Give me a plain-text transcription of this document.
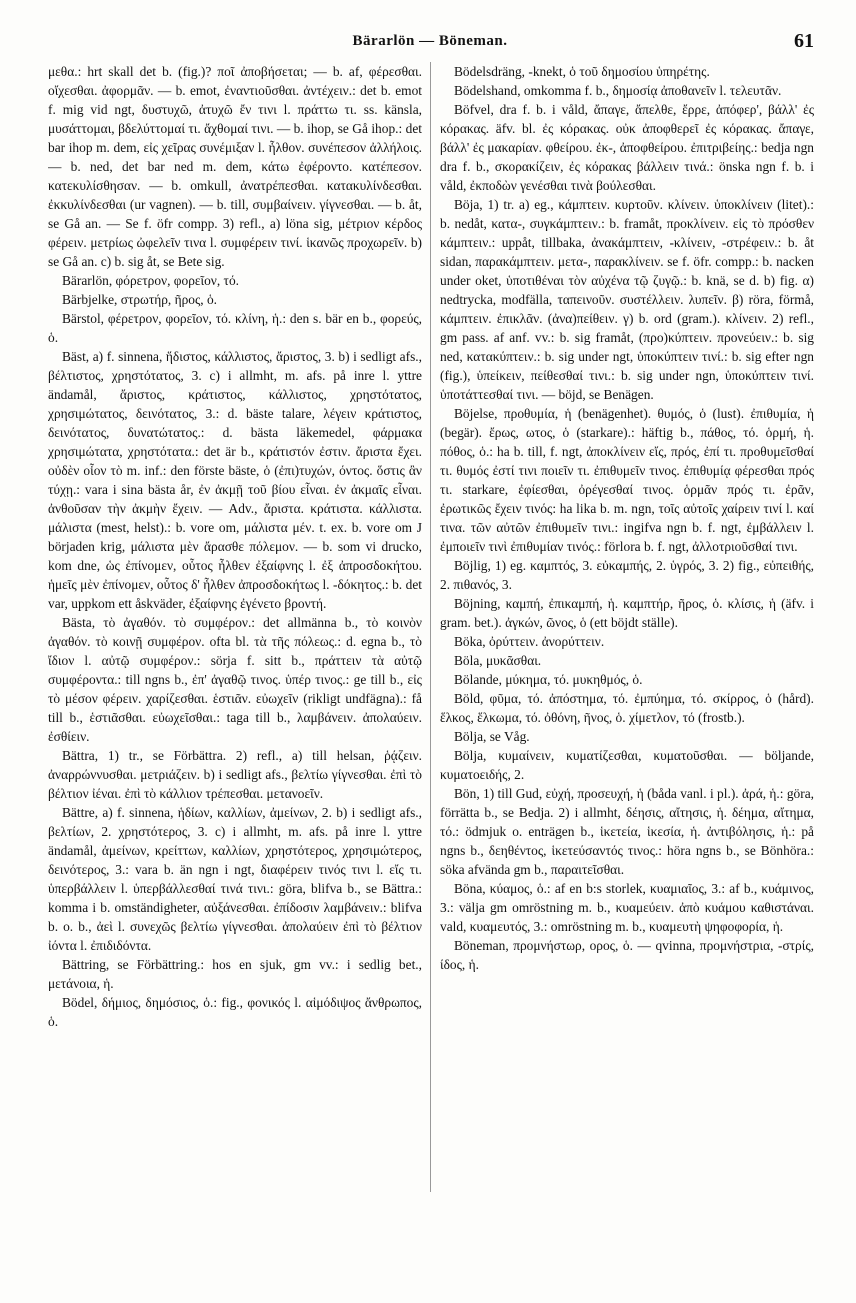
Bärarlön — Böneman.	61

μεθα.: hrt skall det b. (fig.)? ποῖ ἀποβήσεται; — b. af, φέρεσθαι. οἴχεσθαι. ἀφορμᾶν. — b. emot, ἐναντιοῦσθαι. ἀντέχειν.: det b. emot f. mig vid ngt, δυστυχῶ, ἀτυχῶ ἔν τινι l. πράττω τι. ss. känsla, μυσάττομαι, βδελύττομαί τι. ἄχθομαί τινι. — b. ihop, se Gå ihop.: det bar ihop m. dem, εἰς χεῖρας συνέμιξαν l. ἦλθον. συνέπεσον ἀλλήλοις. — b. ned, det bar ned m. dem, κάτω ἐφέροντο. κατέπεσον. κατεκυλίσθησαν. — b. omkull, ἀνατρέπεσθαι. κατακυλίνδεσθαι. ἐκκυλίνδεσθαι (ur vagnen). — b. till, συμβαίνειν. γίγνεσθαι. — b. åt, se Gå an. — Se f. öfr compp. 3) refl., a) löna sig, μέτριον κέρδος φέρειν. μετρίως ὠφελεῖν τινα l. συμφέρειν τινί. ἱκανῶς προχωρεῖν. b) se Gå an. c) b. sig åt, se Bete sig.

Bärarlön, φόρετρον, φορεῖον, τό.

Bärbjelke, στρωτήρ, ῆρος, ὁ.

Bärstol, φέρετρον, φορεῖον, τό. κλίνη, ἡ.: den s. bär en b., φορεύς, ὁ.

Bäst, a) f. sinnena, ἥδιστος, κάλλιστος, ἄριστος, 3. b) i sedligt afs., βέλτιστος, χρηστότατος, 3. c) i allmht, m. afs. på inre l. yttre ändamål, ἄριστος, κράτιστος, κάλλιστος, χρηστότατος, χρησιμώτατος, δεινότατος, 3.: d. bäste talare, λέγειν κράτιστος, δεινότατος, δυνατώτατος.: d. bästa läkemedel, φάρμακα χρησιμώτατα, χρηστότατα.: det är b., κράτιστόν ἐστιν. ἄριστα ἔχει. οὐδὲν οἷον τὸ m. inf.: den förste bäste, ὁ (ἐπι)τυχών, όντος. ὅστις ἂν τύχῃ.: vara i sina bästa år, ἐν ἀκμῇ τοῦ βίου εἶναι. ἐν ἀκμαῖς εἶναι. ἀνθοῦσαν τὴν ἀκμὴν ἔχειν. — Adv., ἄριστα. κράτιστα. κάλλιστα. μάλιστα (mest, helst).: b. vore om, μάλιστα μέν. t. ex. b. vore om J börjaden krig, μάλιστα μὲν ἄρασθε πόλεμον. — b. som vi drucko, kom dne, ὡς ἐπίνομεν, οὗτος ἦλθεν ἐξαίφνης l. ἐξ ἀπροσδοκήτου. ἡμεῖς μὲν ἐπίνομεν, οὗτος δ' ἦλθεν ἀπροσδοκήτως l. -δόκητος.: b. det var, uppkom ett åskväder, ἐξαίφνης ἐγένετο βροντή.

Bästa, τὸ ἀγαθόν. τὸ συμφέρον.: det allmänna b., τὸ κοινὸν ἀγαθόν. τὸ κοινῇ συμφέρον. ofta bl. τὰ τῆς πόλεως.: d. egna b., τὸ ἴδιον l. αὐτῷ συμφέρον.: sörja f. sitt b., πράττειν τὰ αὐτῷ συμφέροντα.: till ngns b., ἐπ' ἀγαθῷ τινος. ὑπέρ τινος.: ge till b., εἰς τὸ μέσον φέρειν. χαρίζεσθαι. ἑστιᾶν. εὐωχεῖν (rikligt undfägna).: få till b., ἑστιᾶσθαι. εὐωχεῖσθαι.: taga till b., λαμβάνειν. ἀπολαύειν. ἐσθίειν.

Bättra, 1) tr., se Förbättra. 2) refl., a) till helsan, ῥᾴζειν. ἀναρρώννυσθαι. μετριάζειν. b) i sedligt afs., βελτίω γίγνεσθαι. ἐπὶ τὸ βέλτιον ἰέναι. ἐπὶ τὸ κάλλιον τρέπεσθαι. μετανοεῖν.

Bättre, a) f. sinnena, ἡδίων, καλλίων, ἀμείνων, 2. b) i sedligt afs., βελτίων, 2. χρηστότερος, 3. c) i allmht, m. afs. på inre l. yttre ändamål, ἀμείνων, κρείττων, καλλίων, χρηστότερος, χρησιμώτερος, δεινότερος, 3.: vara b. än ngn i ngt, διαφέρειν τινός τινι l. εἴς τι. ὑπερβάλλειν l. ὑπερβάλλεσθαί τινά τινι.: göra, blifva b., se Bättra.: komma i b. omständigheter, αὐξάνεσθαι. ἐπίδοσιν λαμβάνειν.: blifva b. o. b., ἀεὶ l. συνεχῶς βελτίω γίγνεσθαι. ἀπολαύειν ἐπὶ τὸ βέλτιον ἰόντα l. ἐπιδιδόντα.

Bättring, se Förbättring.: hos en sjuk, gm vv.: i sedlig bet., μετάνοια, ἡ.

Bödel, δήμιος, δημόσιος, ὁ.: fig., φονικός l. αἱμόδιψος ἄνθρωπος, ὁ.

Bödelsdräng, -knekt, ὁ τοῦ δημοσίου ὑπηρέτης.

Bödelshand, omkomma f. b., δημοσίᾳ ἀποθανεῖν l. τελευτᾶν.

Böfvel, dra f. b. i våld, ἄπαγε, ἄπελθε, ἔρρε, ἀπόφερ', βάλλ' ἐς κόρακας. äfv. bl. ἐς κόρακας. οὐκ ἀποφθερεῖ ἐς κόρακας. ἄπαγε, βάλλ' ἐς μακαρίαν. φθείρου. ἐκ-, ἀποφθείρου. ἐπιτριβείης.: bedja ngn dra f. b., σκορακίζειν, ἐς κόρακας βάλλειν τινά.: önska ngn f. b. i våld, ἐκποδὼν γενέσθαι τινὰ βούλεσθαι.

Böja, 1) tr. a) eg., κάμπτειν. κυρτοῦν. κλίνειν. ὑποκλίνειν (litet).: b. nedåt, κατα-, συγκάμπτειν.: b. framåt, προκλίνειν. εἰς τὸ πρόσθεν κάμπτειν.: uppåt, tillbaka, ἀνακάμπτειν, -κλίνειν, -στρέφειν.: b. åt sidan, παρακάμπτειν. μετα-, παρακλίνειν. se f. öfr. compp.: b. nacken under oket, ὑποτιθέναι τὸν αὐχένα τῷ ζυγῷ.: b. knä, se d. b) fig. α) nedtrycka, modfälla, ταπεινοῦν. συστέλλειν. λυπεῖν. β) röra, förmå, κάμπτειν. ἐπικλᾶν. (ἀνα)πείθειν. γ) b. ord (gram.). κλίνειν. 2) refl., gm pass. af anf. vv.: b. sig framåt, (προ)κύπτειν. προνεύειν.: b. sig ned, κατακύπτειν.: b. sig under ngt, ὑποκύπτειν τινί.: b. sig efter ngn (fig.), ὑπείκειν, πείθεσθαί τινι.: b. sig under ngn, ὑποκύπτειν τινί. ὑποτάττεσθαί τινι. — böjd, se Benägen.

Böjelse, προθυμία, ἡ (benägenhet). θυμός, ὁ (lust). ἐπιθυμία, ἡ (begär). ἔρως, ωτος, ὁ (starkare).: häftig b., πάθος, τό. ὁρμή, ἡ. πόθος, ὁ.: ha b. till, f. ngt, ἀποκλίνειν εἴς, πρός, ἐπί τι. προθυμεῖσθαί τι. θυμός ἐστί τινι ποιεῖν τι. ἐπιθυμεῖν τινος. ἐπιθυμίᾳ φέρεσθαι πρός τι. starkare, ἐφίεσθαι, ὀρέγεσθαί τινος. ὁρμᾶν πρός τι. ἐρᾶν, ἐρωτικῶς ἔχειν τινός: ha lika b. m. ngn, τοῖς αὐτοῖς χαίρειν τινί l. καί τινα. τῶν αὐτῶν ἐπιθυμεῖν τινι.: ingifva ngn b. f. ngt, ἐμβάλλειν l. ἐμποιεῖν τινὶ ἐπιθυμίαν τινός.: förlora b. f. ngt, ἀλλοτριοῦσθαί τινι.

Böjlig, 1) eg. καμπτός, 3. εὐκαμπής, 2. ὑγρός, 3. 2) fig., εὐπειθής, 2. πιθανός, 3.

Böjning, καμπή, ἐπικαμπή, ἡ. καμπτήρ, ῆρος, ὁ. κλίσις, ἡ (äfv. i gram. bet.). ἀγκών, ῶνος, ὁ (ett böjdt ställe).

Böka, ὀρύττειν. ἀνορύττειν.

Böla, μυκᾶσθαι.

Bölande, μύκημα, τό. μυκηθμός, ὁ.

Böld, φῦμα, τό. ἀπόστημα, τό. ἐμπύημα, τό. σκίρρος, ὁ (hård). ἕλκος, ἕλκωμα, τό. ὀθόνη, ῆνος, ὁ. χίμετλον, τό (frostb.).

Bölja, se Våg.

Bölja, κυμαίνειν, κυματίζεσθαι, κυματοῦσθαι. — böljande, κυματοειδής, 2.

Bön, 1) till Gud, εὐχή, προσευχή, ἡ (båda vanl. i pl.). ἀρά, ἡ.: göra, förrätta b., se Bedja. 2) i allmht, δέησις, αἴτησις, ἡ. δέημα, αἴτημα, τό.: ödmjuk o. enträgen b., ἱκετεία, ἱκεσία, ἡ. ἀντιβόλησις, ἡ.: på ngns b., δεηθέντος, ἱκετεύσαντός τινος.: höra ngns b., se Bönhöra.: söka afvända gm b., παραιτεῖσθαι.

Böna, κύαμος, ὁ.: af en b:s storlek, κυαμιαῖος, 3.: af b., κυάμινος, 3.: välja gm omröstning m. b., κυαμεύειν. ἀπὸ κυάμου καθιστάναι. vald, κυαμευτός, 3.: omröstning m. b., κυαμευτὴ ψηφοφορία, ἡ.

Böneman, προμνήστωρ, ορος, ὁ. — qvinna, προμνήστρια, -στρίς, ίδος, ἡ.
